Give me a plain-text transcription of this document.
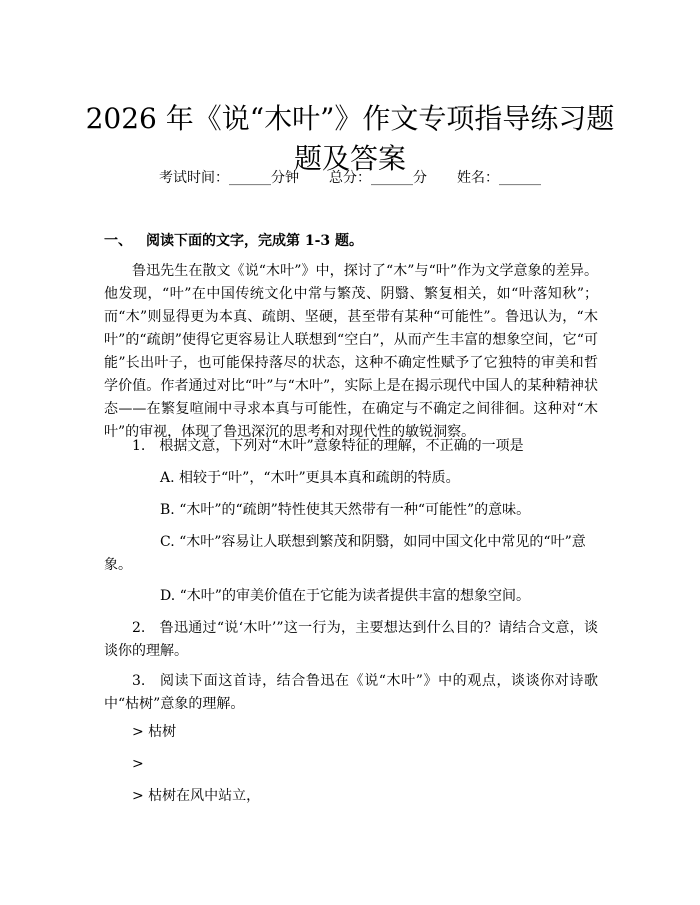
2026 年《说“木叶”》作文专项指导练习题
题及答案
考试时间：______分钟 总分：______分 姓名：______
一、 阅读下面的文字，完成第 1-3 题。

鲁迅先生在散文《说“木叶”》中，探讨了“木”与“叶”作为文学意象的差异。他发现，“叶”在中国传统文化中常与繁茂、阴翳、繁复相关，如“叶落知秋”；而“木”则显得更为本真、疏朗、坚硬，甚至带有某种“可能性”。鲁迅认为，“木叶”的“疏朗”使得它更容易让人联想到“空白”，从而产生丰富的想象空间，它“可能”长出叶子，也可能保持落尽的状态，这种不确定性赋予了它独特的审美和哲学价值。作者通过对比“叶”与“木叶”，实际上是在揭示现代中国人的某种精神状态——在繁复喧闹中寻求本真与可能性，在确定与不确定之间徘徊。这种对“木叶”的审视，体现了鲁迅深沉的思考和对现代性的敏锐洞察。

1. 根据文意，下列对“木叶”意象特征的理解，不正确的一项是

A. 相较于“叶”，“木叶”更具本真和疏朗的特质。

B. “木叶”的“疏朗”特性使其天然带有一种“可能性”的意味。

C. “木叶”容易让人联想到繁茂和阴翳，如同中国文化中常见的“叶”意象。

D. “木叶”的审美价值在于它能为读者提供丰富的想象空间。

2. 鲁迅通过“说‘木叶’”这一行为，主要想达到什么目的？请结合文意，谈谈你的理解。

3. 阅读下面这首诗，结合鲁迅在《说“木叶”》中的观点，谈谈你对诗歌中“枯树”意象的理解。

> 枯树

>

> 枯树在风中站立，
